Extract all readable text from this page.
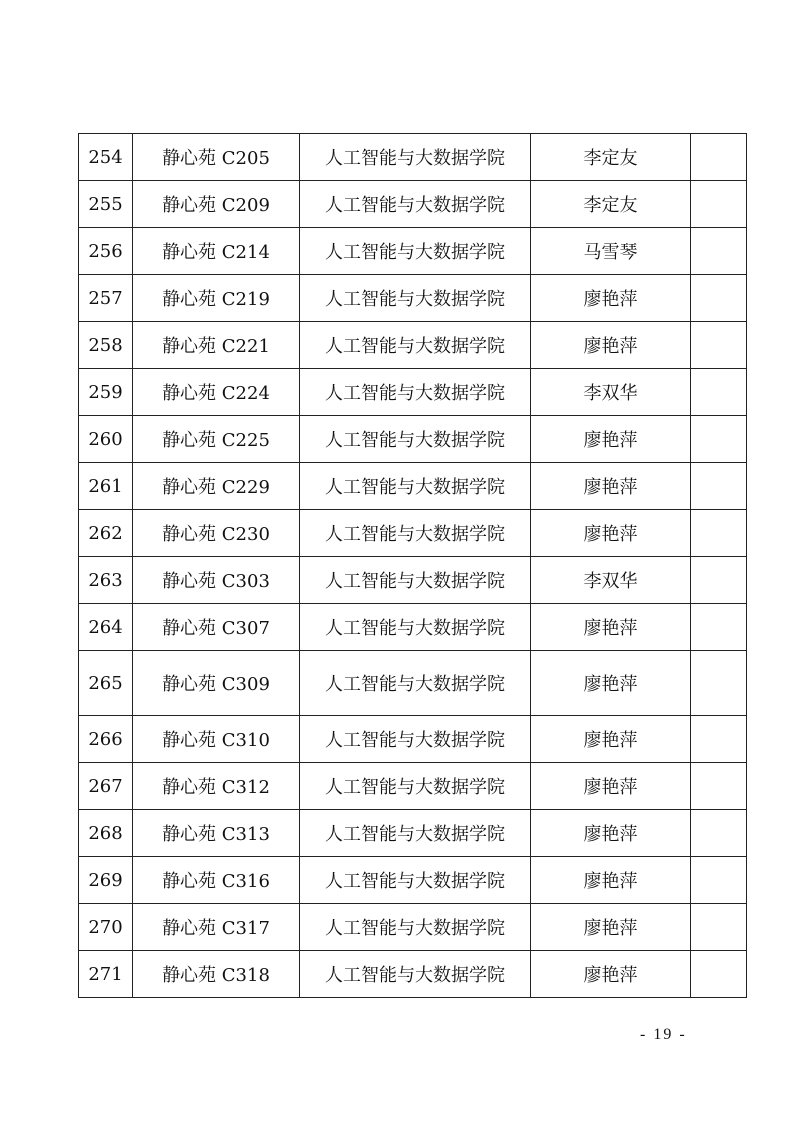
254	静心苑 C205	人工智能与大数据学院	李定友	
255	静心苑 C209	人工智能与大数据学院	李定友	
256	静心苑 C214	人工智能与大数据学院	马雪琴	
257	静心苑 C219	人工智能与大数据学院	廖艳萍	
258	静心苑 C221	人工智能与大数据学院	廖艳萍	
259	静心苑 C224	人工智能与大数据学院	李双华	
260	静心苑 C225	人工智能与大数据学院	廖艳萍	
261	静心苑 C229	人工智能与大数据学院	廖艳萍	
262	静心苑 C230	人工智能与大数据学院	廖艳萍	
263	静心苑 C303	人工智能与大数据学院	李双华	
264	静心苑 C307	人工智能与大数据学院	廖艳萍	
265	静心苑 C309	人工智能与大数据学院	廖艳萍	
266	静心苑 C310	人工智能与大数据学院	廖艳萍	
267	静心苑 C312	人工智能与大数据学院	廖艳萍	
268	静心苑 C313	人工智能与大数据学院	廖艳萍	
269	静心苑 C316	人工智能与大数据学院	廖艳萍	
270	静心苑 C317	人工智能与大数据学院	廖艳萍	
271	静心苑 C318	人工智能与大数据学院	廖艳萍	
- 19 -
